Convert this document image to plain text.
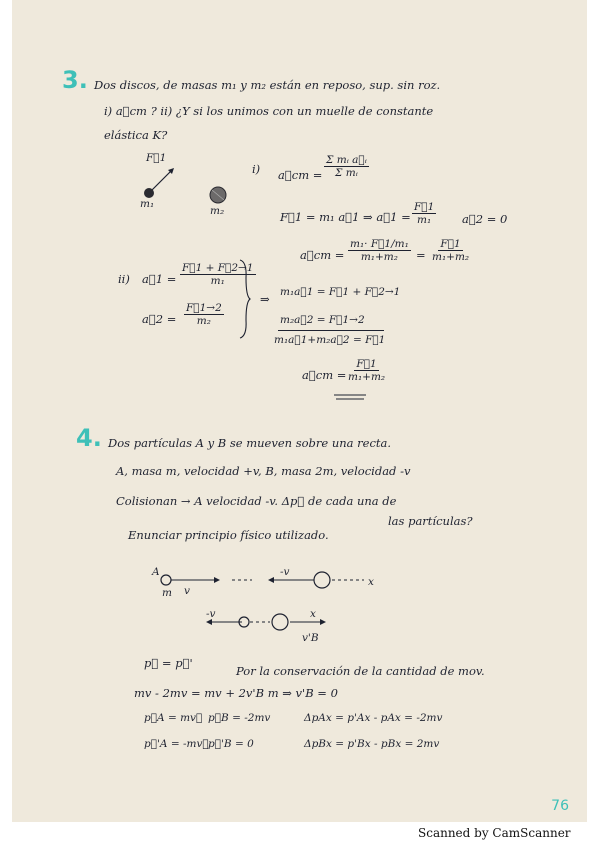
3. Dos discos, de masas m₁ y m₂ están en reposo, sup. sin roz.
i) a⃗cm ? ii) ¿Y si los unimos con un muelle de constante
elástica K?
F⃗1
m₁
m₂
i) a⃗cm = $\frac{\text{Σ mᵢ a⃗ᵢ}}{\text{Σ mᵢ}}$
F⃗1 = m₁ a⃗1 ⇒ a⃗1 = $\frac{F⃗1}{\text{m₁}}$ a⃗2 = 0
a⃗cm = $\frac{\text{m₁· F⃗1/m₁}}{\text{m₁+m₂}} = \frac{F⃗1}{\text{m₁+m₂}}$
ii) a⃗1 = $\frac{F⃗1 + F⃗2\to 1}{\text{m₁}}$
a⃗2 = $\frac{F⃗1\to 2}{\text{m₂}}$
⇒ m₁a⃗1 = F⃗1 + F⃗2→1
m₂a⃗2 = F⃗1→2
m₁a⃗1+m₂a⃗2 = F⃗1
a⃗cm = $\frac{F⃗1}{\text{m₁+m₂}}$
4. Dos partículas A y B se mueven sobre una recta.
A, masa m, velocidad +v, B, masa 2m, velocidad -v
Colisionan → A velocidad -v. Δp⃗ de cada una de
las partículas?
Enunciar principio físico utilizado.
A
m v
-v
x
-v	x
v'B
p⃗ = p⃗'
Por la conservación de la cantidad de mov.
mv - 2mv = mv + 2v'B m ⇒ v'B = 0
p⃗A = mv⃗ p⃗B = -2mv	ΔpAx = p'Ax - pAx = -2mv
p⃗'A = -mv⃗ p⃗'B = 0	ΔpBx = p'Bx - pBx = 2mv
76
Scanned by CamScanner
